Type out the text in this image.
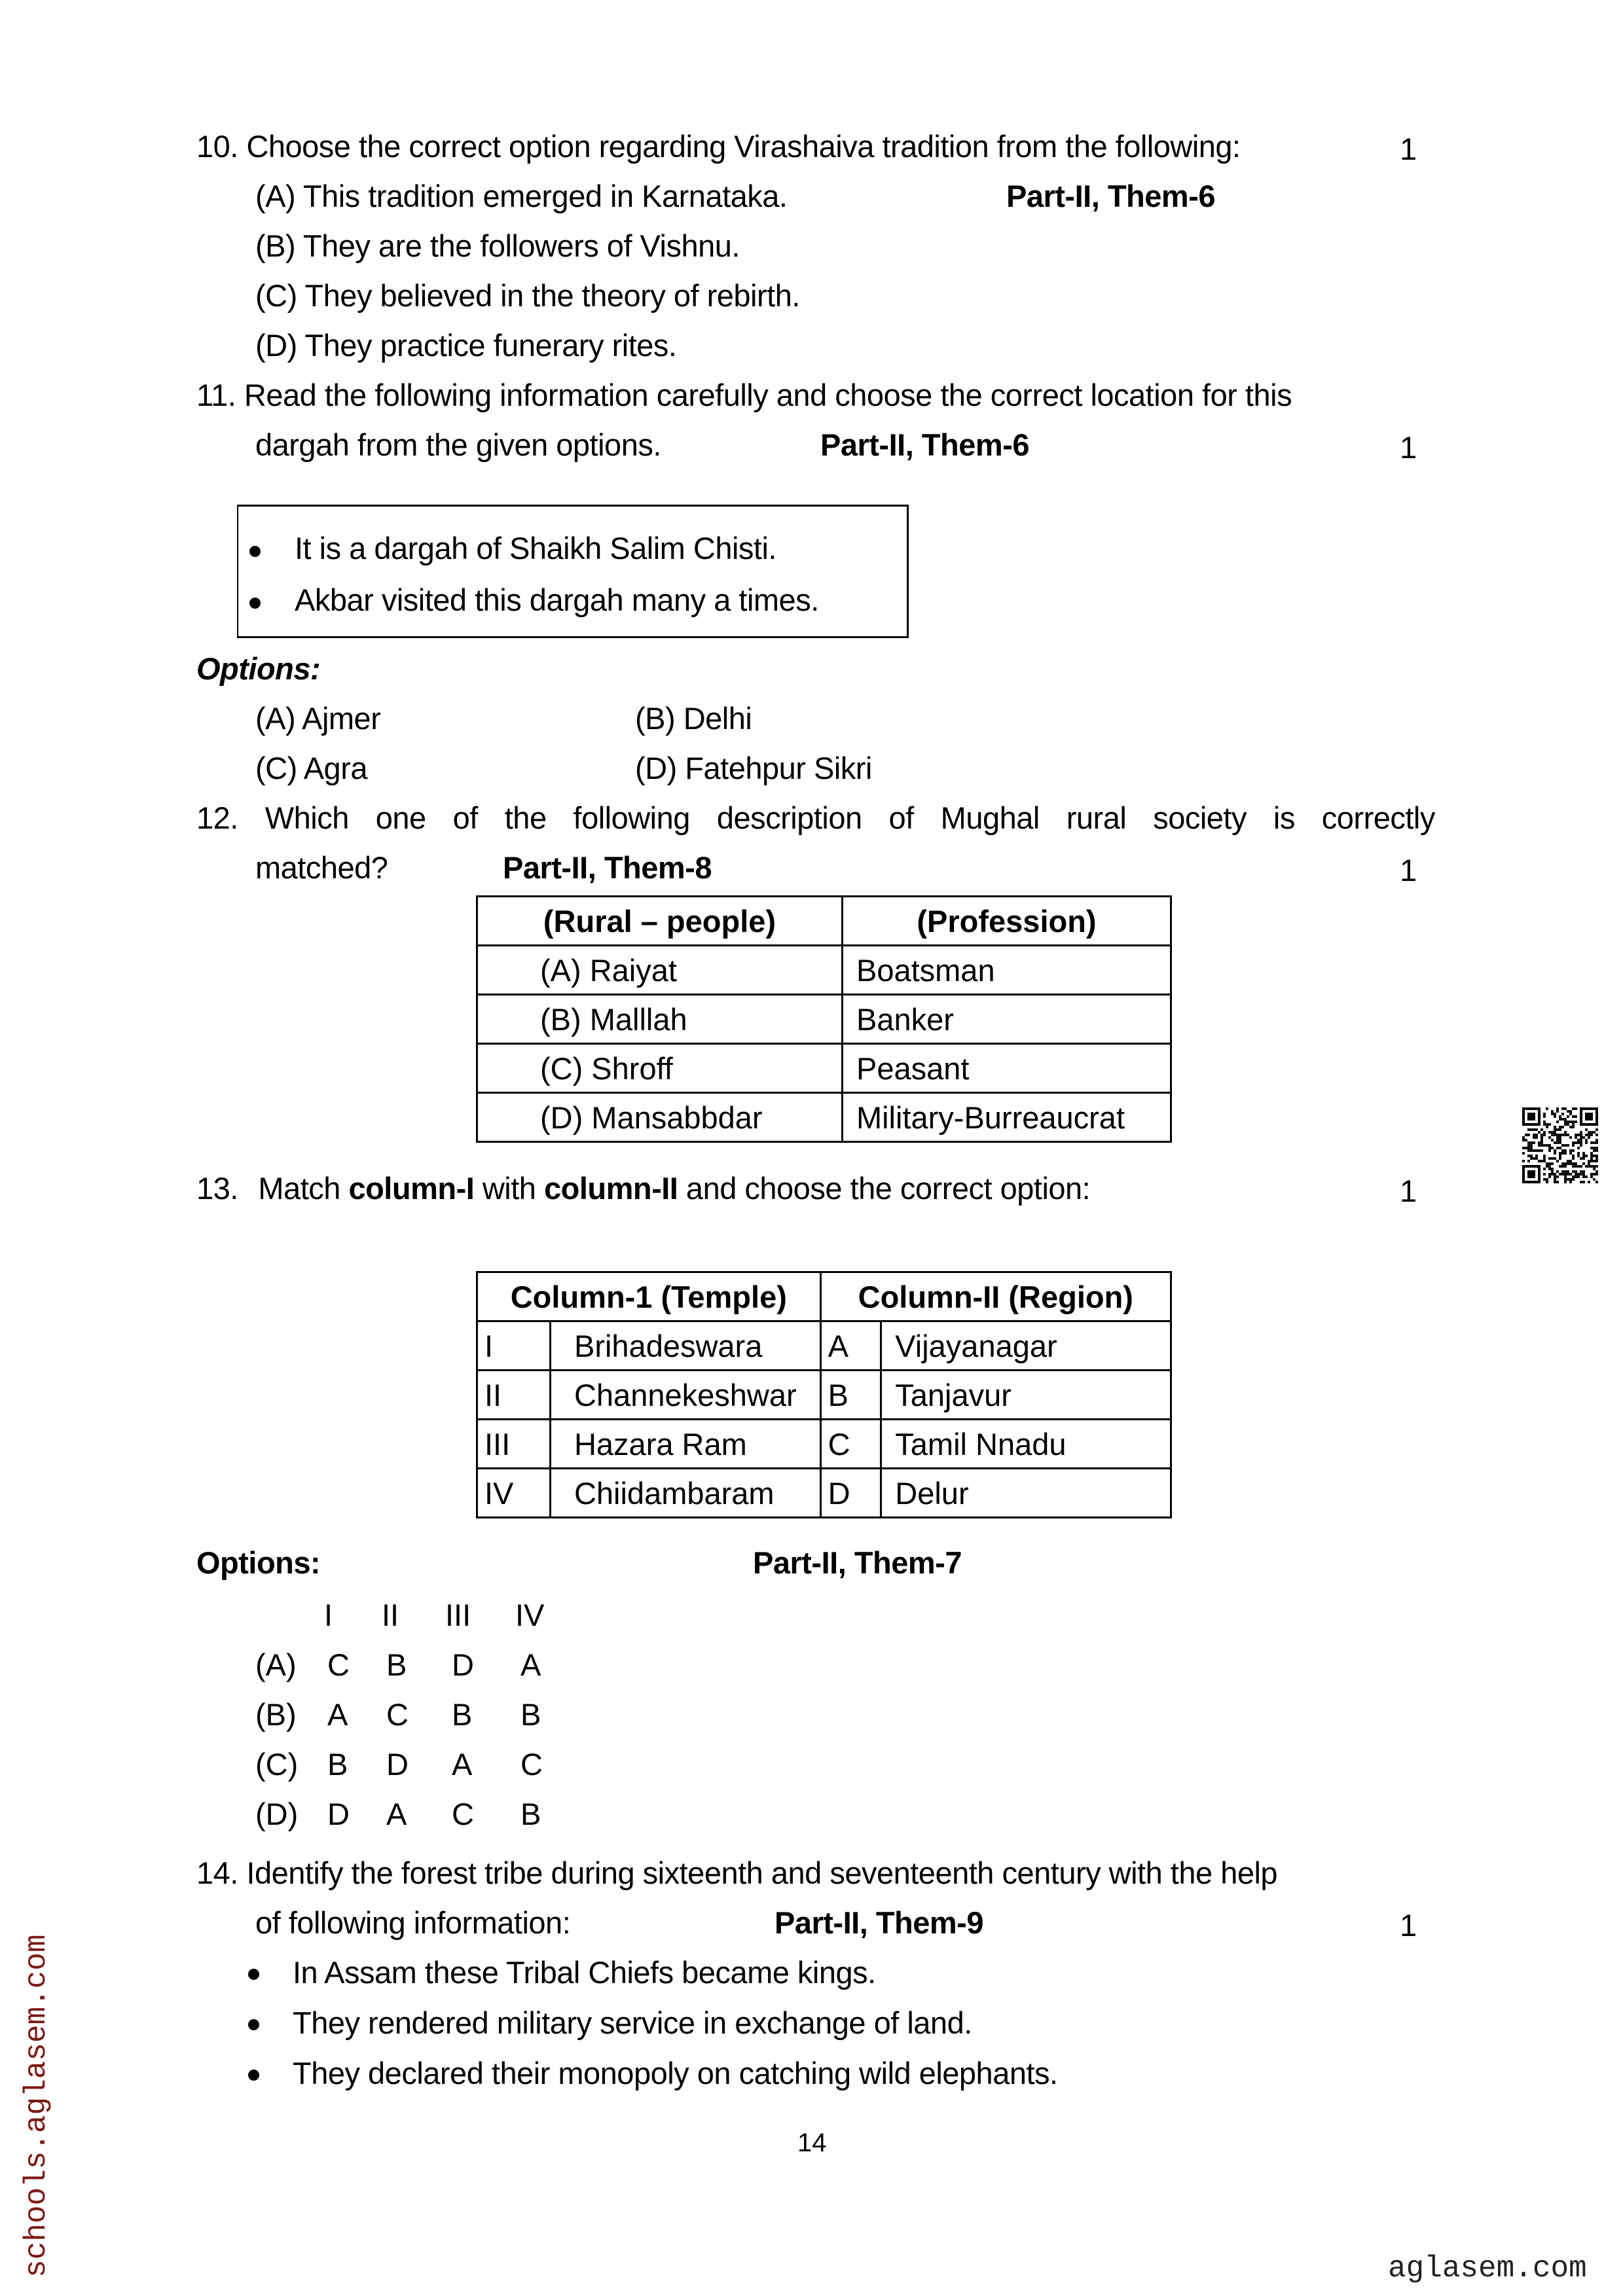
10. Choose the correct option regarding Virashaiva tradition from the following:	1
(A) This tradition emerged in Karnataka.	Part-II, Them-6
(B) They are the followers of Vishnu.
(C) They believed in the theory of rebirth.
(D) They practice funerary rites.
11. Read the following information carefully and choose the correct location for this
dargah from the given options.	Part-II, Them-6	1
It is a dargah of Shaikh Salim Chisti.
Akbar visited this dargah many a times.
Options:
(A) Ajmer	(B) Delhi
(C) Agra	(D) Fatehpur Sikri
12. Which one of the following description of Mughal rural society is correctly
matched?	Part-II, Them-8	1
(Rural – people)	(Profession)
(A) Raiyat	Boatsman
(B) Malllah	Banker
(C) Shroff	Peasant
(D) Mansabbdar	Military-Burreaucrat
13. Match column-I with column-II and choose the correct option:	1
Column-1 (Temple)		Column-II (Region)	
I	Brihadeswara	A	Vijayanagar
II	Channekeshwar	B	Tanjavur
III	Hazara Ram	C	Tamil Nnadu
IV	Chiidambaram	D	Delur
Options:	Part-II, Them-7
I II III IV
(A) C B D A
(B) A C B B
(C) B D A C
(D) D A C B
14. Identify the forest tribe during sixteenth and seventeenth century with the help
of following information:	Part-II, Them-9	1
In Assam these Tribal Chiefs became kings.
They rendered military service in exchange of land.
They declared their monopoly on catching wild elephants.
14
schools.aglasem.com	aglasem.com
